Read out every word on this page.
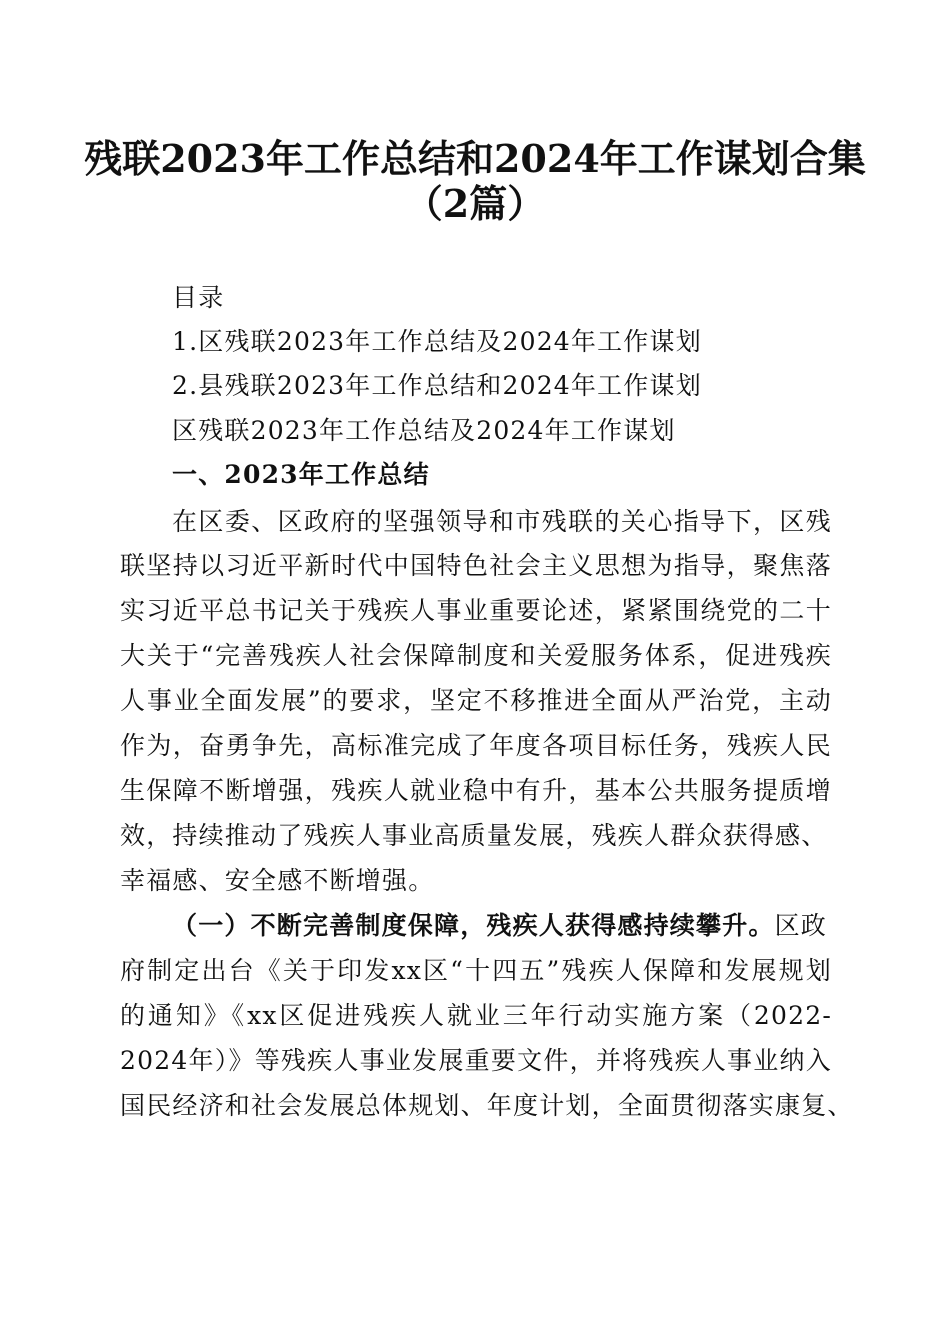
残联2023年工作总结和2024年工作谋划合集
（2篇）
目录
1.区残联2023年工作总结及2024年工作谋划
2.县残联2023年工作总结和2024年工作谋划
区残联2023年工作总结及2024年工作谋划
一、2023年工作总结
在区委、区政府的坚强领导和市残联的关心指导下，区残
联坚持以习近平新时代中国特色社会主义思想为指导，聚焦落
实习近平总书记关于残疾人事业重要论述，紧紧围绕党的二十
大关于“完善残疾人社会保障制度和关爱服务体系，促进残疾
人事业全面发展”的要求，坚定不移推进全面从严治党，主动
作为，奋勇争先，高标准完成了年度各项目标任务，残疾人民
生保障不断增强，残疾人就业稳中有升，基本公共服务提质增
效，持续推动了残疾人事业高质量发展，残疾人群众获得感、
幸福感、安全感不断增强。
（一）不断完善制度保障，残疾人获得感持续攀升。区政
府制定出台《关于印发xx区“十四五”残疾人保障和发展规划
的通知》《xx区促进残疾人就业三年行动实施方案（2022-
2024年）》等残疾人事业发展重要文件，并将残疾人事业纳入
国民经济和社会发展总体规划、年度计划，全面贯彻落实康复、
